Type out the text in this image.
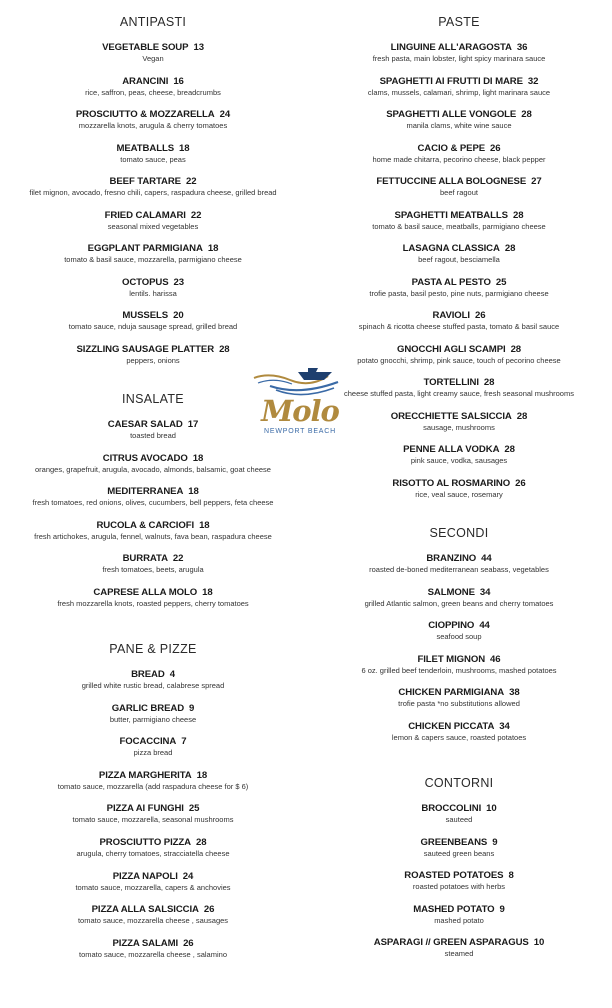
ANTIPASTI
VEGETABLE SOUP 13
Vegan
ARANCINI 16
rice, saffron, peas, cheese, breadcrumbs
PROSCIUTTO & MOZZARELLA 24
mozzarella knots, arugula & cherry tomatoes
MEATBALLS 18
tomato sauce, peas
BEEF TARTARE 22
filet mignon, avocado, fresno chili, capers, raspadura cheese, grilled bread
FRIED CALAMARI 22
seasonal mixed vegetables
EGGPLANT PARMIGIANA 18
tomato & basil sauce, mozzarella, parmigiano cheese
OCTOPUS 23
lentils. harissa
MUSSELS 20
tomato sauce, nduja sausage spread, grilled bread
SIZZLING SAUSAGE PLATTER 28
peppers, onions
INSALATE
CAESAR SALAD 17
toasted bread
CITRUS AVOCADO 18
oranges, grapefruit, arugula, avocado, almonds, balsamic, goat cheese
MEDITERRANEA 18
fresh tomatoes, red onions, olives, cucumbers, bell peppers, feta cheese
RUCOLA & CARCIOFI 18
fresh artichokes, arugula, fennel, walnuts, fava bean, raspadura cheese
BURRATA 22
fresh tomatoes, beets, arugula
CAPRESE ALLA MOLO 18
fresh mozzarella knots, roasted peppers, cherry tomatoes
PANE & PIZZE
BREAD 4
grilled white rustic bread, calabrese spread
GARLIC BREAD 9
butter, parmigiano cheese
FOCACCINA 7
pizza bread
PIZZA MARGHERITA 18
tomato sauce, mozzarella (add raspadura cheese for $ 6)
PIZZA AI FUNGHI 25
tomato sauce, mozzarella, seasonal mushrooms
PROSCIUTTO PIZZA 28
arugula, cherry tomatoes, stracciatella cheese
PIZZA NAPOLI 24
tomato sauce, mozzarella, capers & anchovies
PIZZA ALLA SALSICCIA 26
tomato sauce, mozzarella cheese , sausages
PIZZA SALAMI 26
tomato sauce, mozzarella cheese , salamino
PASTE
LINGUINE ALL'ARAGOSTA 36
fresh pasta, main lobster, light spicy marinara sauce
SPAGHETTI AI FRUTTI DI MARE 32
clams, mussels, calamari, shrimp, light marinara sauce
SPAGHETTI ALLE VONGOLE 28
manila clams, white wine sauce
CACIO & PEPE 26
home made chitarra, pecorino cheese, black pepper
FETTUCCINE ALLA BOLOGNESE 27
beef ragout
SPAGHETTI MEATBALLS 28
tomato & basil sauce, meatballs, parmigiano cheese
LASAGNA CLASSICA 28
beef ragout, besciamella
PASTA AL PESTO 25
trofie pasta, basil pesto, pine nuts, parmigiano cheese
RAVIOLI 26
spinach & ricotta cheese stuffed pasta, tomato & basil sauce
GNOCCHI AGLI SCAMPI 28
potato gnocchi, shrimp, pink sauce, touch of pecorino cheese
TORTELLINI 28
cheese stuffed pasta, light creamy sauce, fresh seasonal mushrooms
ORECCHIETTE SALSICCIA 28
sausage, mushrooms
PENNE ALLA VODKA 28
pink sauce, vodka, sausages
RISOTTO AL ROSMARINO 26
rice, veal sauce, rosemary
SECONDI
BRANZINO 44
roasted de-boned mediterranean seabass, vegetables
SALMONE 34
grilled Atlantic salmon, green beans and cherry tomatoes
CIOPPINO 44
seafood soup
FILET MIGNON 46
6 oz. grilled beef tenderloin, mushrooms, mashed potatoes
CHICKEN PARMIGIANA 38
trofie pasta *no substitutions allowed
CHICKEN PICCATA 34
lemon & capers sauce, roasted potatoes
CONTORNI
BROCCOLINI 10
sauteed
GREENBEANS 9
sauteed green beans
ROASTED POTATOES 8
roasted potatoes with herbs
MASHED POTATO 9
mashed potato
ASPARAGI // GREEN ASPARAGUS 10
steamed
Molo
NEWPORT BEACH
